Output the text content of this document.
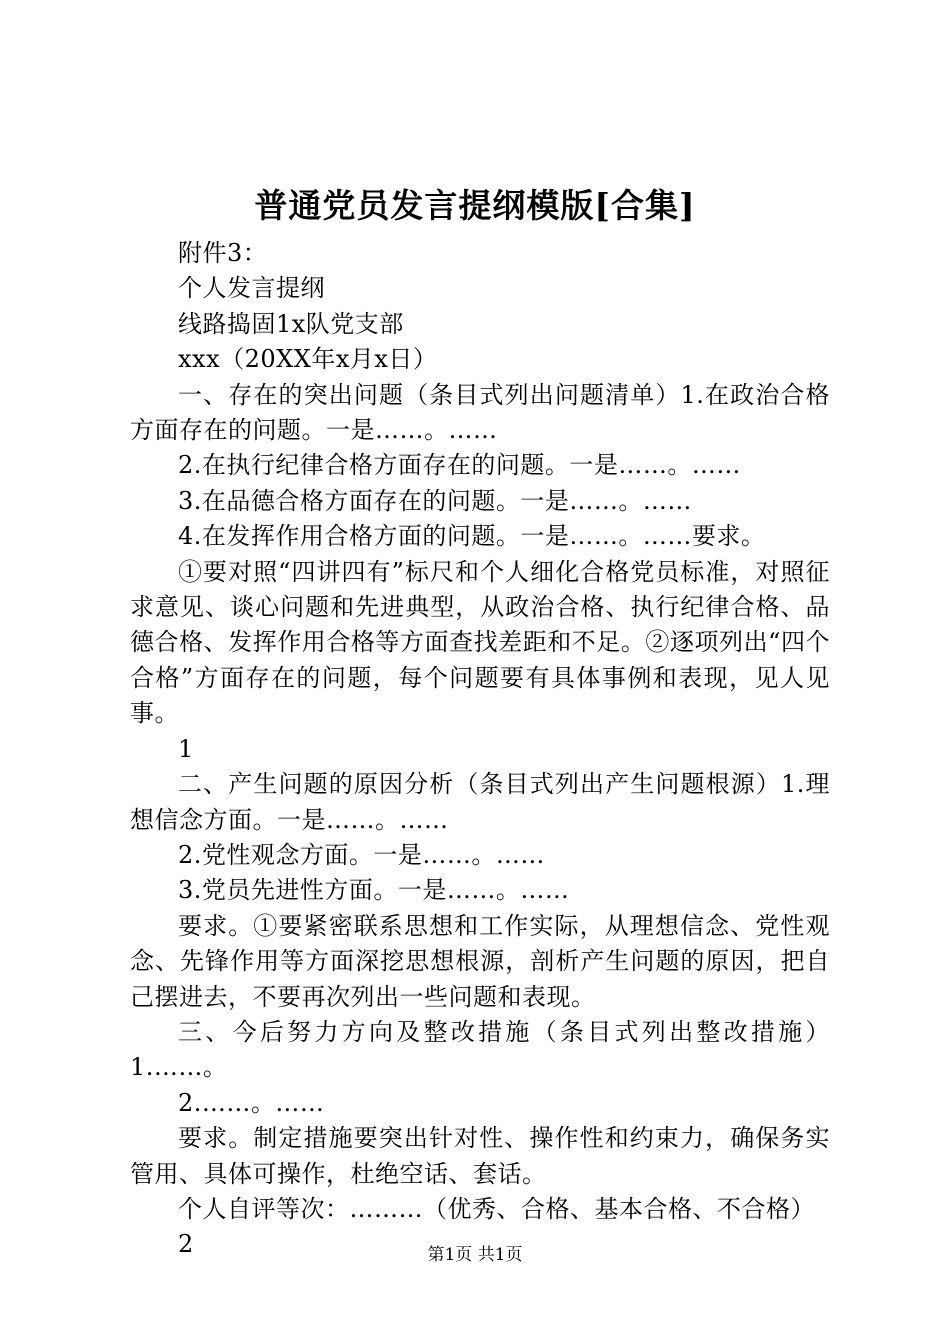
普通党员发言提纲模版[合集]

附件3：

个人发言提纲

线路捣固1x队党支部

xxx（20XX年x月x日）

一、存在的突出问题（条目式列出问题清单）1.在政治合格方面存在的问题。一是……。……

2.在执行纪律合格方面存在的问题。一是……。……

3.在品德合格方面存在的问题。一是……。……

4.在发挥作用合格方面的问题。一是……。……要求。

①要对照“四讲四有”标尺和个人细化合格党员标准，对照征求意见、谈心问题和先进典型，从政治合格、执行纪律合格、品德合格、发挥作用合格等方面查找差距和不足。②逐项列出“四个合格”方面存在的问题，每个问题要有具体事例和表现，见人见事。

1

二、产生问题的原因分析（条目式列出产生问题根源）1.理想信念方面。一是……。……

2.党性观念方面。一是……。……

3.党员先进性方面。一是……。……

要求。①要紧密联系思想和工作实际，从理想信念、党性观念、先锋作用等方面深挖思想根源，剖析产生问题的原因，把自己摆进去，不要再次列出一些问题和表现。

三、今后努力方向及整改措施（条目式列出整改措施）1.……。

2.……。……

要求。制定措施要突出针对性、操作性和约束力，确保务实管用、具体可操作，杜绝空话、套话。

个人自评等次：………（优秀、合格、基本合格、不合格）

2	第1页 共1页
